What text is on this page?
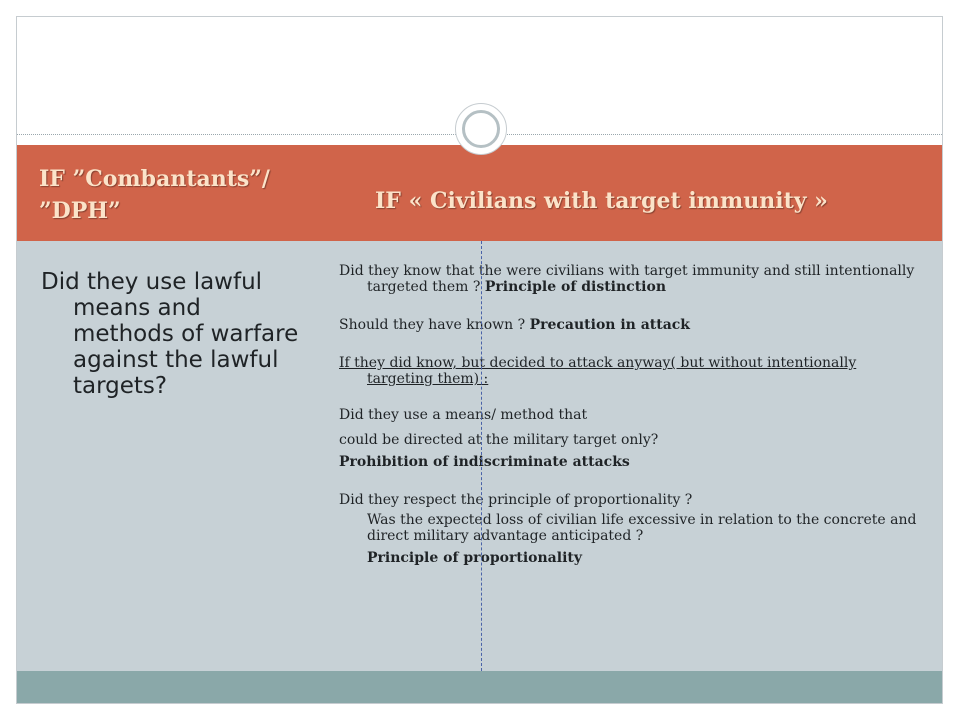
IF ”Combantants”/
”DPH”	IF « Civilians with target immunity »

Did they use lawful means and methods of warfare against the lawful targets?

Did they know that the were civilians with target immunity and still intentionally targeted them ? Principle of distinction

Should they have known ? Precaution in attack

If they did know, but decided to attack anyway( but without intentionally targeting them) :

Did they use a means/ method that

could be directed at the military target only?

Prohibition of indiscriminate attacks

Did they respect the principle of proportionality ?

Was the expected loss of civilian life excessive in relation to the concrete and direct military advantage anticipated ?

Principle of proportionality
